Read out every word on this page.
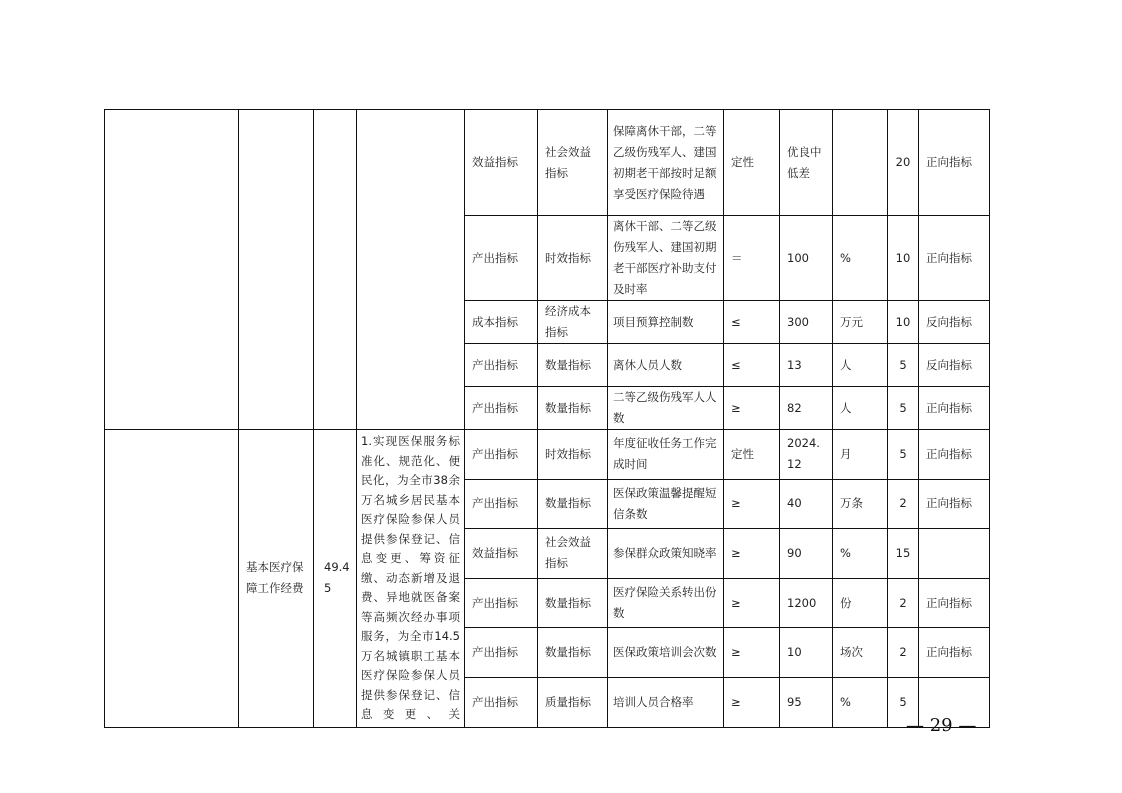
				效益指标	社会效益指标	保障离休干部，二等乙级伤残军人、建国初期老干部按时足额享受医疗保险待遇	定性	优良中低差		20	正向指标
				产出指标	时效指标	离休干部、二等乙级伤残军人、建国初期老干部医疗补助支付及时率	＝	100	%	10	正向指标
				成本指标	经济成本指标	项目预算控制数	≤	300	万元	10	反向指标
				产出指标	数量指标	离休人员人数	≤	13	人	5	反向指标
				产出指标	数量指标	二等乙级伤残军人人数	≥	82	人	5	正向指标
	基本医疗保障工作经费	49.45	1.实现医保服务标准化、规范化、便民化，为全市38余万名城乡居民基本医疗保险参保人员提供参保登记、信息变更、筹资征缴、动态新增及退费、异地就医备案等高频次经办事项服务，为全市14.5万名城镇职工基本医疗保险参保人员提供参保登记、信息变更、关	产出指标	时效指标	年度征收任务工作完成时间	定性	2024.12	月	5	正向指标
				产出指标	数量指标	医保政策温馨提醒短信条数	≥	40	万条	2	正向指标
				效益指标	社会效益指标	参保群众政策知晓率	≥	90	%	15	
				产出指标	数量指标	医疗保险关系转出份数	≥	1200	份	2	正向指标
				产出指标	数量指标	医保政策培训会次数	≥	10	场次	2	正向指标
				产出指标	质量指标	培训人员合格率	≥	95	%	5	
— 29 —
